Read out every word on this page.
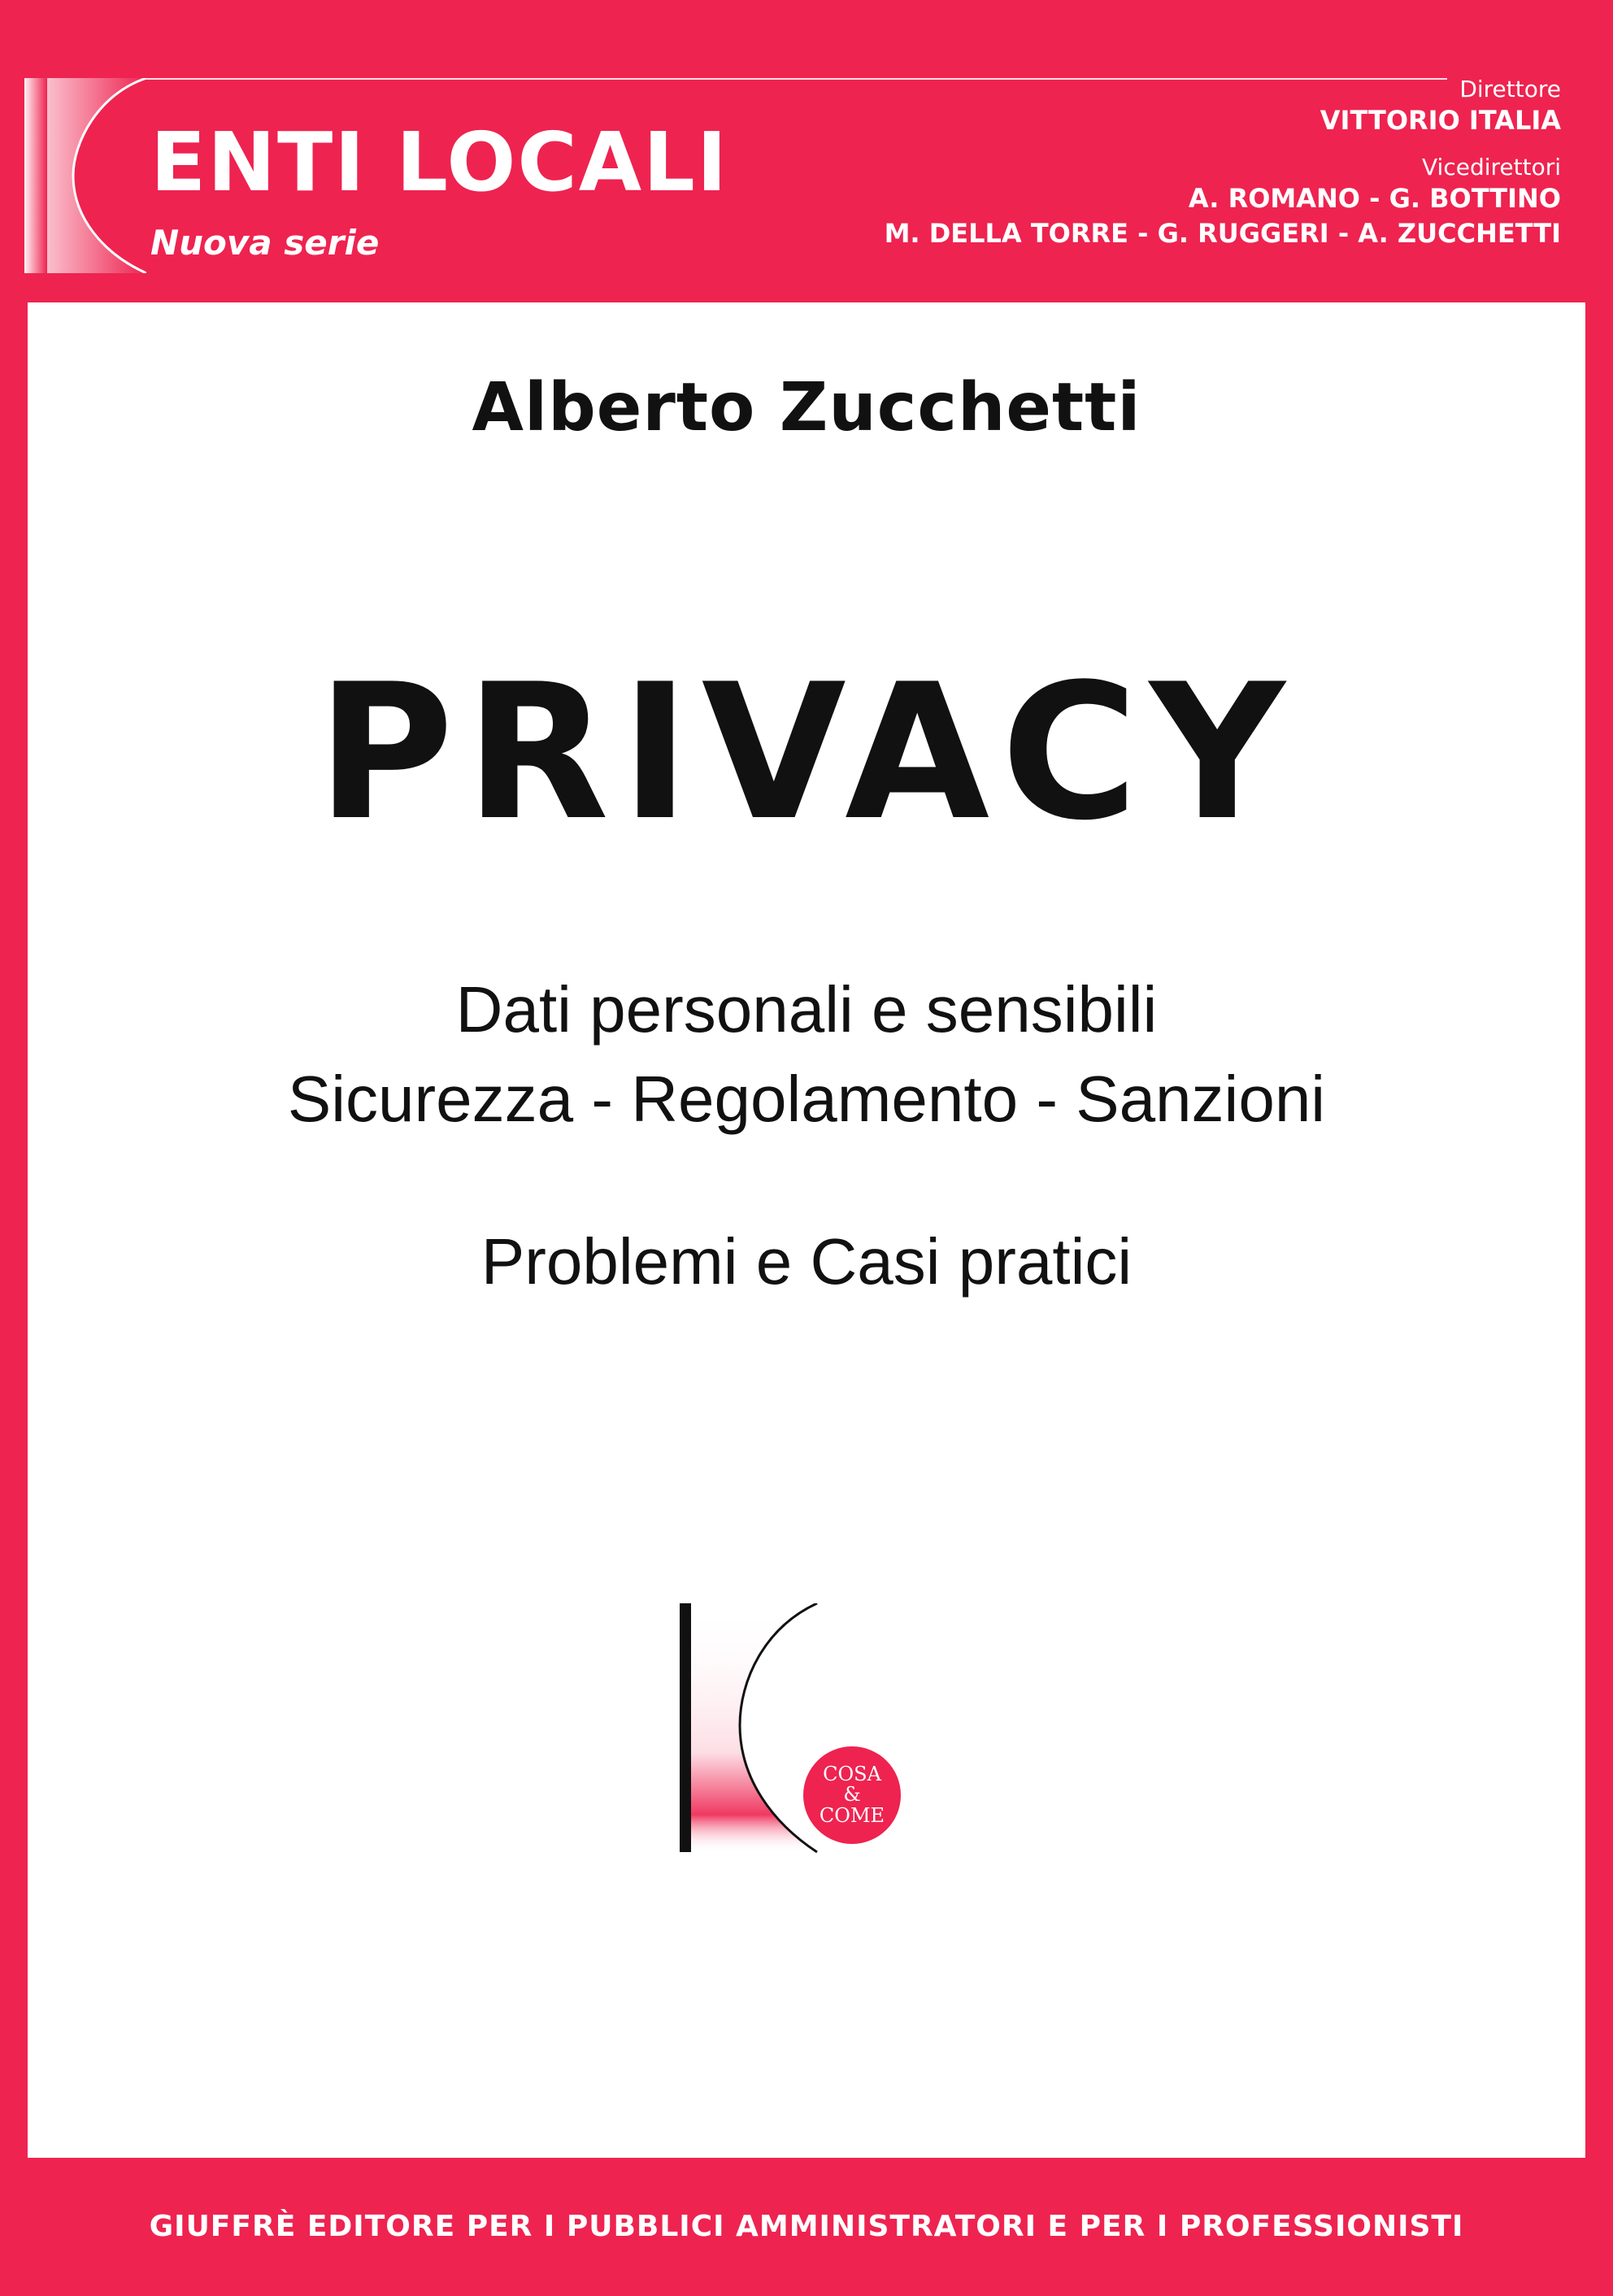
ENTI LOCALI
Nuova serie
Direttore
VITTORIO ITALIA
Vicedirettori
A. ROMANO - G. BOTTINO
M. DELLA TORRE - G. RUGGERI - A. ZUCCHETTI
Alberto Zucchetti
PRIVACY
Dati personali e sensibili
Sicurezza - Regolamento - Sanzioni
Problemi e Casi pratici
COSA
&
COME
GIUFFRÈ EDITORE PER I PUBBLICI AMMINISTRATORI E PER I PROFESSIONISTI
